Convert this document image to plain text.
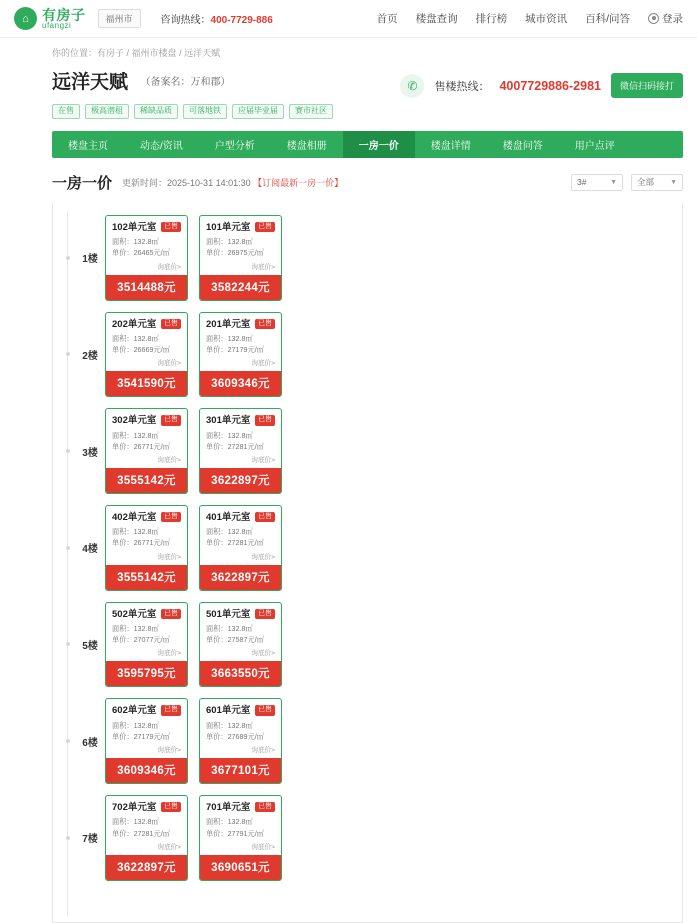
⌂ 有房子
ufangzi
福州市	咨询热线：400-7729-886	首页 楼盘查询 排行榜 城市资讯 百科/问答	登录
你的位置：有房子 / 福州市楼盘 / 远洋天赋
远洋天赋 （备案名：万和郡）
在售	极高潜租	稀缺品质	可落地铁	应届毕业届	赛市社区
✆	售楼热线： 4007729886-2981	微信扫码接打
楼盘主页	动态/资讯	户型分析	楼盘相册	一房一价	楼盘详情	楼盘问答	用户点评
一房一价 更新时间：2025-10-31 14:01:30 【订阅最新一房一价】	3#	▼ 全部 ▼
1楼
102单元室	已售
面积：132.8㎡
单价：26465元/㎡
询底价>
3514488元
101单元室	已售
面积：132.8㎡
单价：26975元/㎡
询底价>
3582244元
2楼
202单元室	已售
面积：132.8㎡
单价：26669元/㎡
询底价>
3541590元
201单元室	已售
面积：132.8㎡
单价：27179元/㎡
询底价>
3609346元
3楼
302单元室	已售
面积：132.8㎡
单价：26771元/㎡
询底价>
3555142元
301单元室	已售
面积：132.8㎡
单价：27281元/㎡
询底价>
3622897元
4楼
402单元室	已售
面积：132.8㎡
单价：26771元/㎡
询底价>
3555142元
401单元室	已售
面积：132.8㎡
单价：27281元/㎡
询底价>
3622897元
5楼
502单元室	已售
面积：132.8㎡
单价：27077元/㎡
询底价>
3595795元
501单元室	已售
面积：132.8㎡
单价：27587元/㎡
询底价>
3663550元
6楼
602单元室	已售
面积：132.8㎡
单价：27179元/㎡
询底价>
3609346元
601单元室	已售
面积：132.8㎡
单价：27689元/㎡
询底价>
3677101元
7楼
702单元室	已售
面积：132.8㎡
单价：27281元/㎡
询底价>
3622897元
701单元室	已售
面积：132.8㎡
单价：27791元/㎡
询底价>
3690651元
